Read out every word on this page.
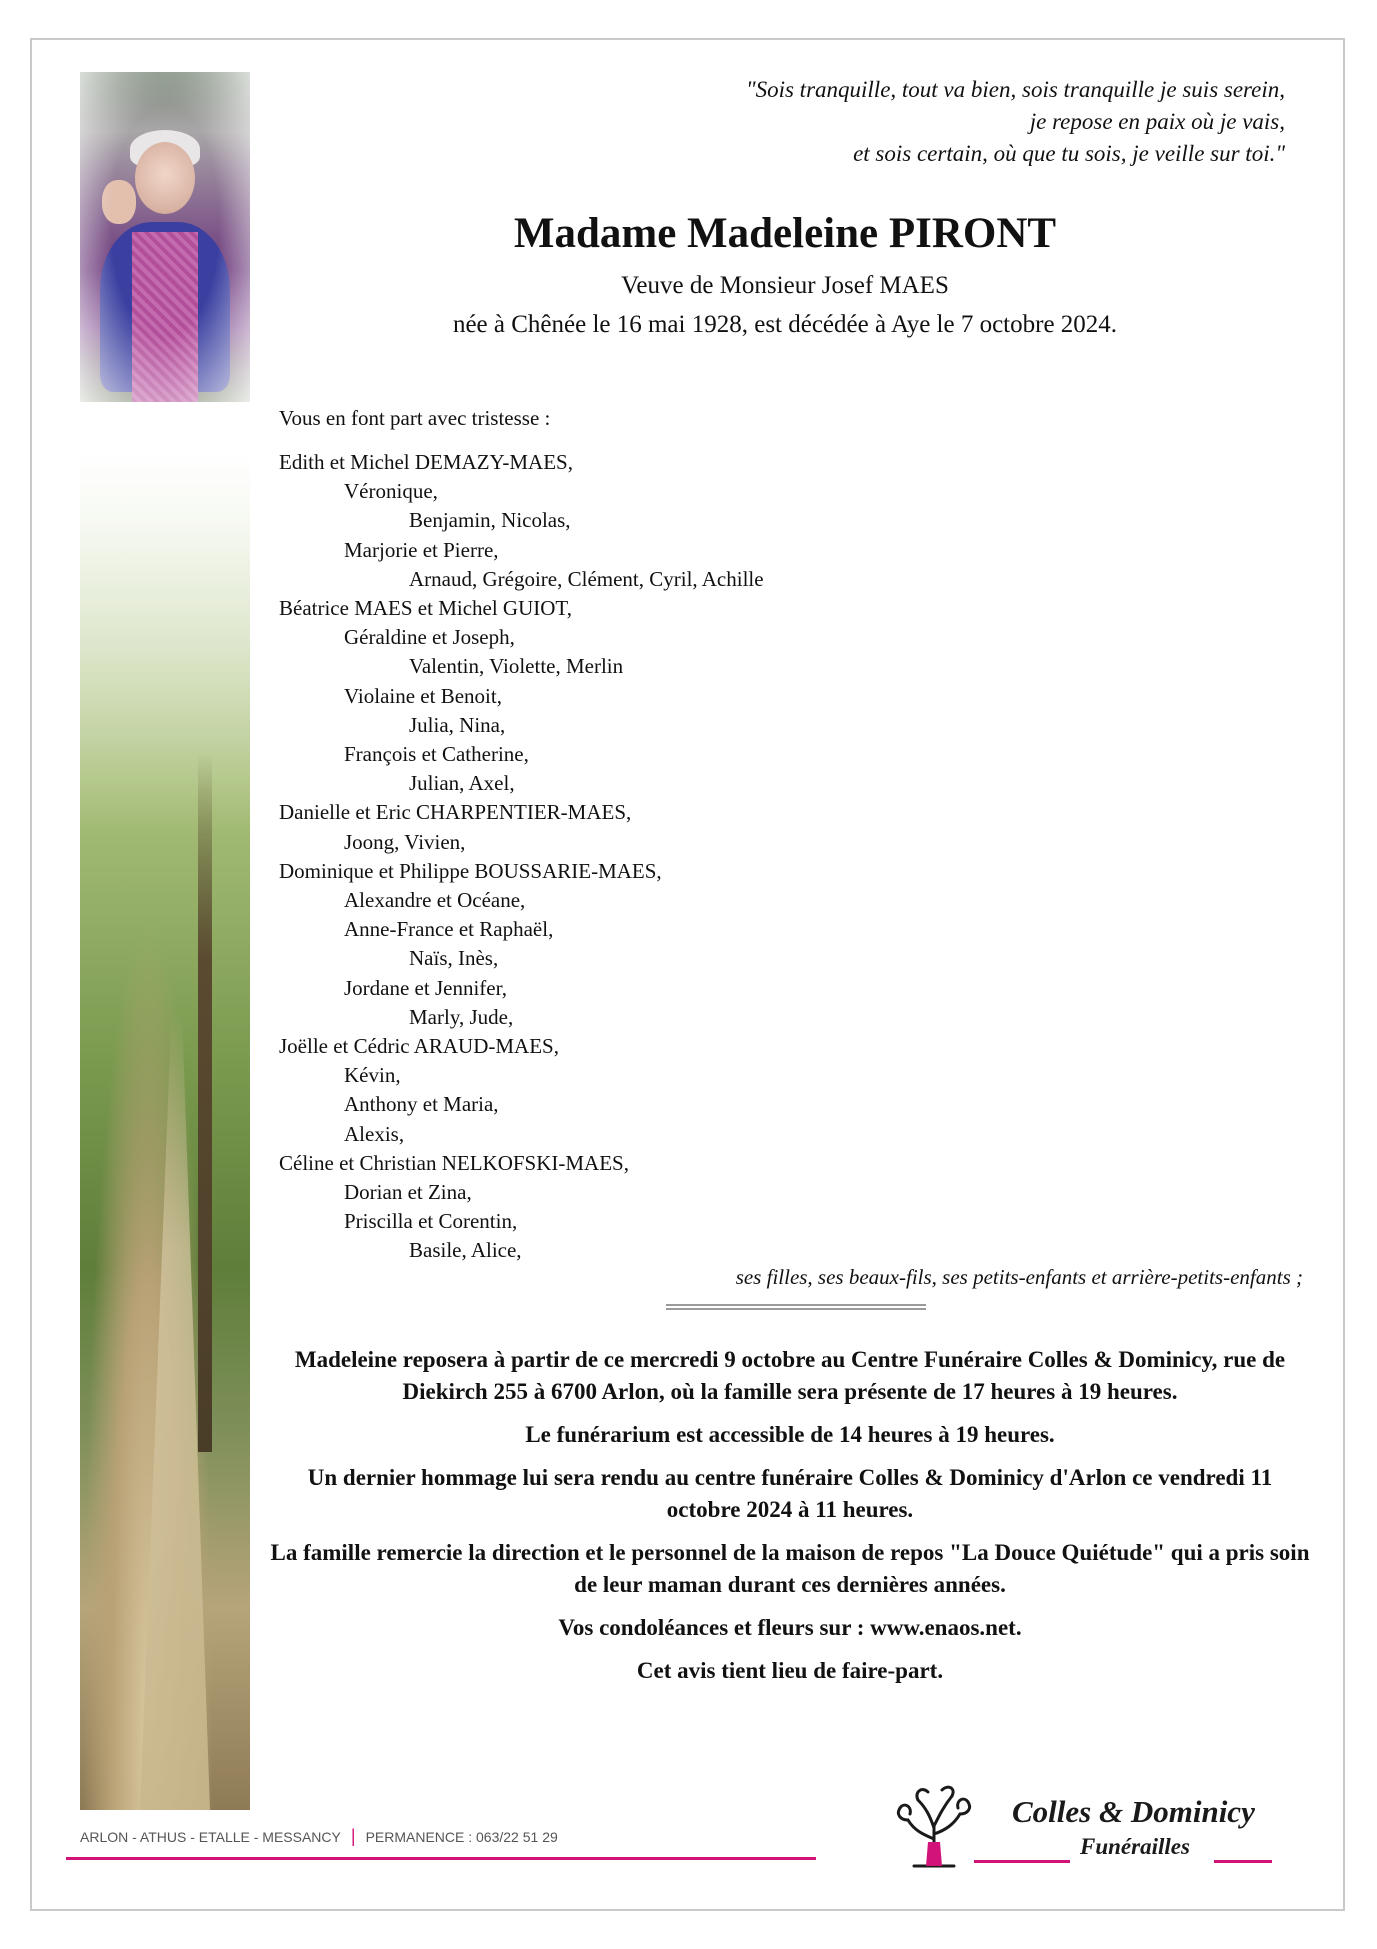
"Sois tranquille, tout va bien, sois tranquille je suis serein,
je repose en paix où je vais,
et sois certain, où que tu sois, je veille sur toi."
Madame Madeleine PIRONT
Veuve de Monsieur Josef MAES
née à Chênée le 16 mai 1928, est décédée à Aye le 7 octobre 2024.
Vous en font part avec tristesse :
Edith et Michel DEMAZY-MAES,
Véronique,
Benjamin, Nicolas,
Marjorie et Pierre,
Arnaud, Grégoire, Clément, Cyril, Achille
Béatrice MAES et Michel GUIOT,
Géraldine et Joseph,
Valentin, Violette, Merlin
Violaine et Benoit,
Julia, Nina,
François et Catherine,
Julian, Axel,
Danielle et Eric CHARPENTIER-MAES,
Joong, Vivien,
Dominique et Philippe BOUSSARIE-MAES,
Alexandre et Océane,
Anne-France et Raphaël,
Naïs, Inès,
Jordane et Jennifer,
Marly, Jude,
Joëlle et Cédric ARAUD-MAES,
Kévin,
Anthony et Maria,
Alexis,
Céline et Christian NELKOFSKI-MAES,
Dorian et Zina,
Priscilla et Corentin,
Basile, Alice,
ses filles, ses beaux-fils, ses petits-enfants et arrière-petits-enfants ;

Madeleine reposera à partir de ce mercredi 9 octobre au Centre Funéraire Colles & Dominicy, rue de Diekirch 255 à 6700 Arlon, où la famille sera présente de 17 heures à 19 heures.

Le funérarium est accessible de 14 heures à 19 heures.

Un dernier hommage lui sera rendu au centre funéraire Colles & Dominicy d'Arlon ce vendredi 11 octobre 2024 à 11 heures.

La famille remercie la direction et le personnel de la maison de repos "La Douce Quiétude" qui a pris soin de leur maman durant ces dernières années.

Vos condoléances et fleurs sur : www.enaos.net.

Cet avis tient lieu de faire-part.

ARLON - ATHUS - ETALLE - MESSANCY | PERMANENCE : 063/22 51 29
Colles & Dominicy
Funérailles
